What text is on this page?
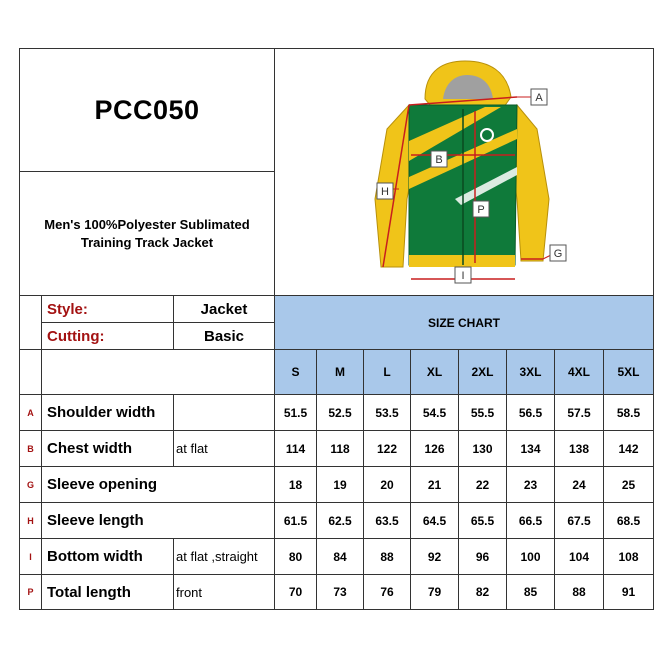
PCC050
Men's 100%Polyester Sublimated
Training Track Jacket
A
B
H
P
G
I
Style:	Jacket
Cutting:	Basic
SIZE CHART
S	M	L	XL	2XL	3XL	4XL	5XL
A Shoulder width	51.5	52.5	53.5	54.5	55.5	56.5	57.5	58.5
B Chest width	at flat	114	118	122	126	130	134	138	142
G Sleeve opening	18	19	20	21	22	23	24	25
H Sleeve length	61.5	62.5	63.5	64.5	65.5	66.5	67.5	68.5
I	Bottom width	at flat ,straight	80	84	88	92	96	100	104	108
P Total length	front	70	73	76	79	82	85	88	91
